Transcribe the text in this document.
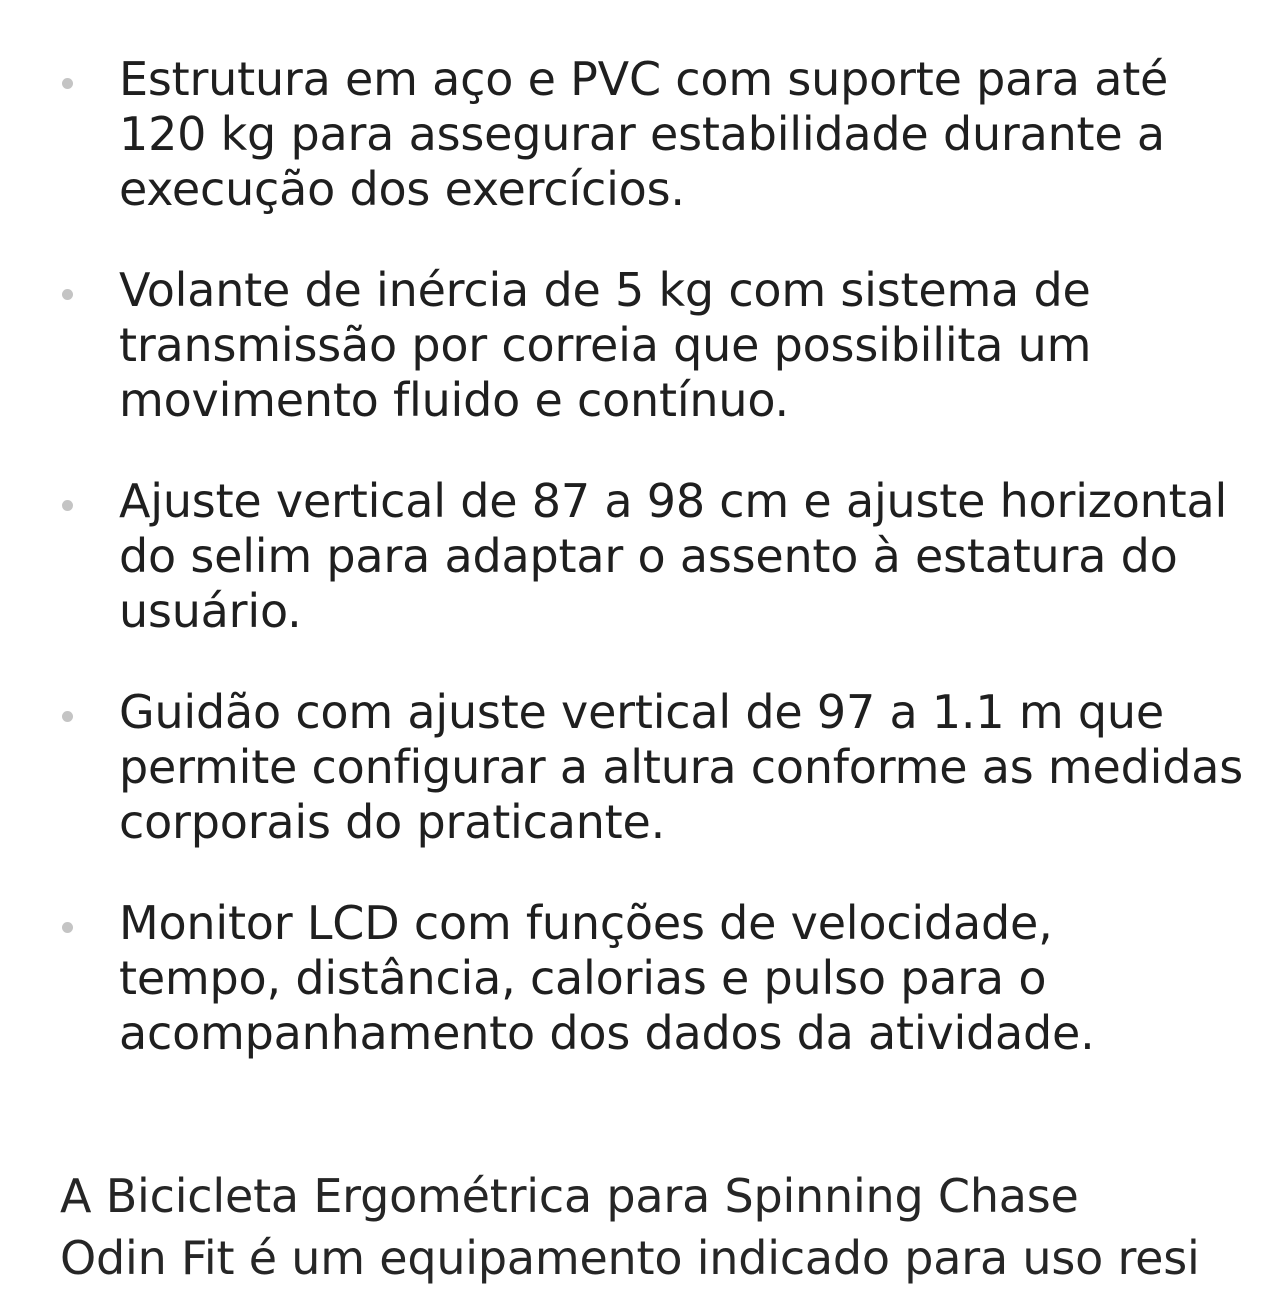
Estrutura em aço e PVC com suporte para até
120 kg para assegurar estabilidade durante a
execução dos exercícios.
Volante de inércia de 5 kg com sistema de
transmissão por correia que possibilita um
movimento fluido e contínuo.
Ajuste vertical de 87 a 98 cm e ajuste horizontal
do selim para adaptar o assento à estatura do
usuário.
Guidão com ajuste vertical de 97 a 1.1 m que
permite configurar a altura conforme as medidas
corporais do praticante.
Monitor LCD com funções de velocidade,
tempo, distância, calorias e pulso para o
acompanhamento dos dados da atividade.

A Bicicleta Ergométrica para Spinning Chase
Odin Fit é um equipamento indicado para uso resi
